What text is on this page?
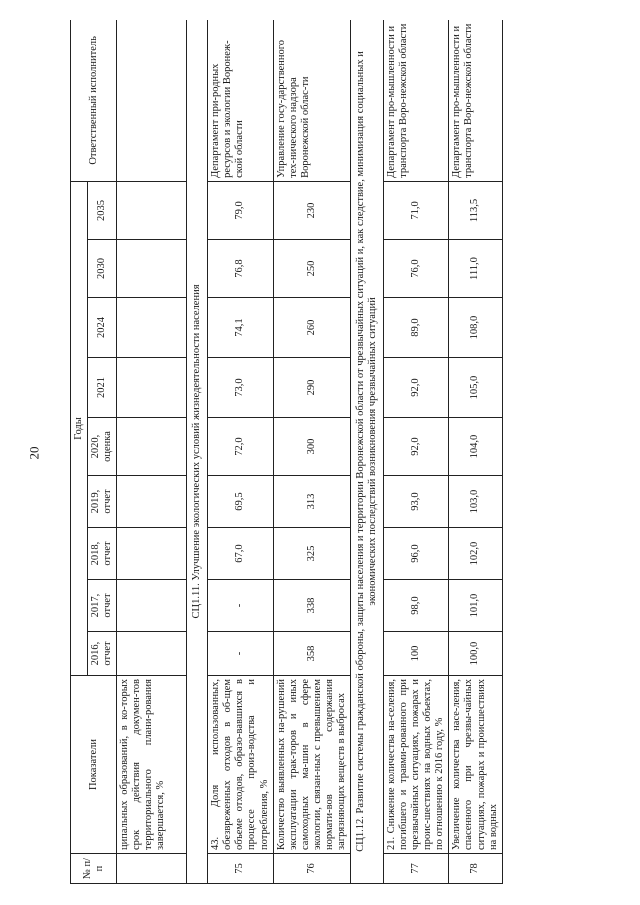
20
№ п/п	Показатели	Годы									Ответственный исполнитель
		2016, отчет	2017, отчет	2018, отчет	2019, отчет	2020, оценка	2021	2024	2030	2035	
	ципальных образований, в ко-торых срок действия докумен-тов территориального плани-рования завершается, %										
СЦ1.11. Улучшение экологических условий жизнедеятельности населения											
75	43. Доля использованных, обезвреженных отходов в об-щем объеме отходов, образо-вавшихся в процессе произ-водства и потребления, %	-	-	67,0	69,5	72,0	73,0	74,1	76,8	79,0	Департамент при-родных ресурсов и экологии Воронеж-ской области
76	Количество выявленных на-рушений эксплуатации трак-торов и иных самоходных ма-шин в сфере экологии, связан-ных с превышением нормати-вов содержания загрязняющих веществ в выбросах	358	338	325	313	300	290	260	250	230	Управление госу-дарственного тех-нического надзора Воронежской облас-ти
СЦ1.12. Развитие системы гражданской обороны, защиты населения и территории Воронежской области от чрезвычайных ситуаций и, как следствие, минимизация социальных и экономических последствий возникновения чрезвычайных ситуаций											
77	21. Снижение количества на-селения, погибшего и травми-рованного при чрезвычайных ситуациях, пожарах и проис-шествиях на водных объектах, по отношению к 2016 году, %	100	98,0	96,0	93,0	92,0	92,0	89,0	76,0	71,0	Департамент про-мышленности и транспорта Воро-нежской области
78	Увеличение количества насе-ления, спасенного при чрезвы-чайных ситуациях, пожарах и происшествиях на водных	100,0	101,0	102,0	103,0	104,0	105,0	108,0	111,0	113,5	Департамент про-мышленности и транспорта Воро-нежской области
